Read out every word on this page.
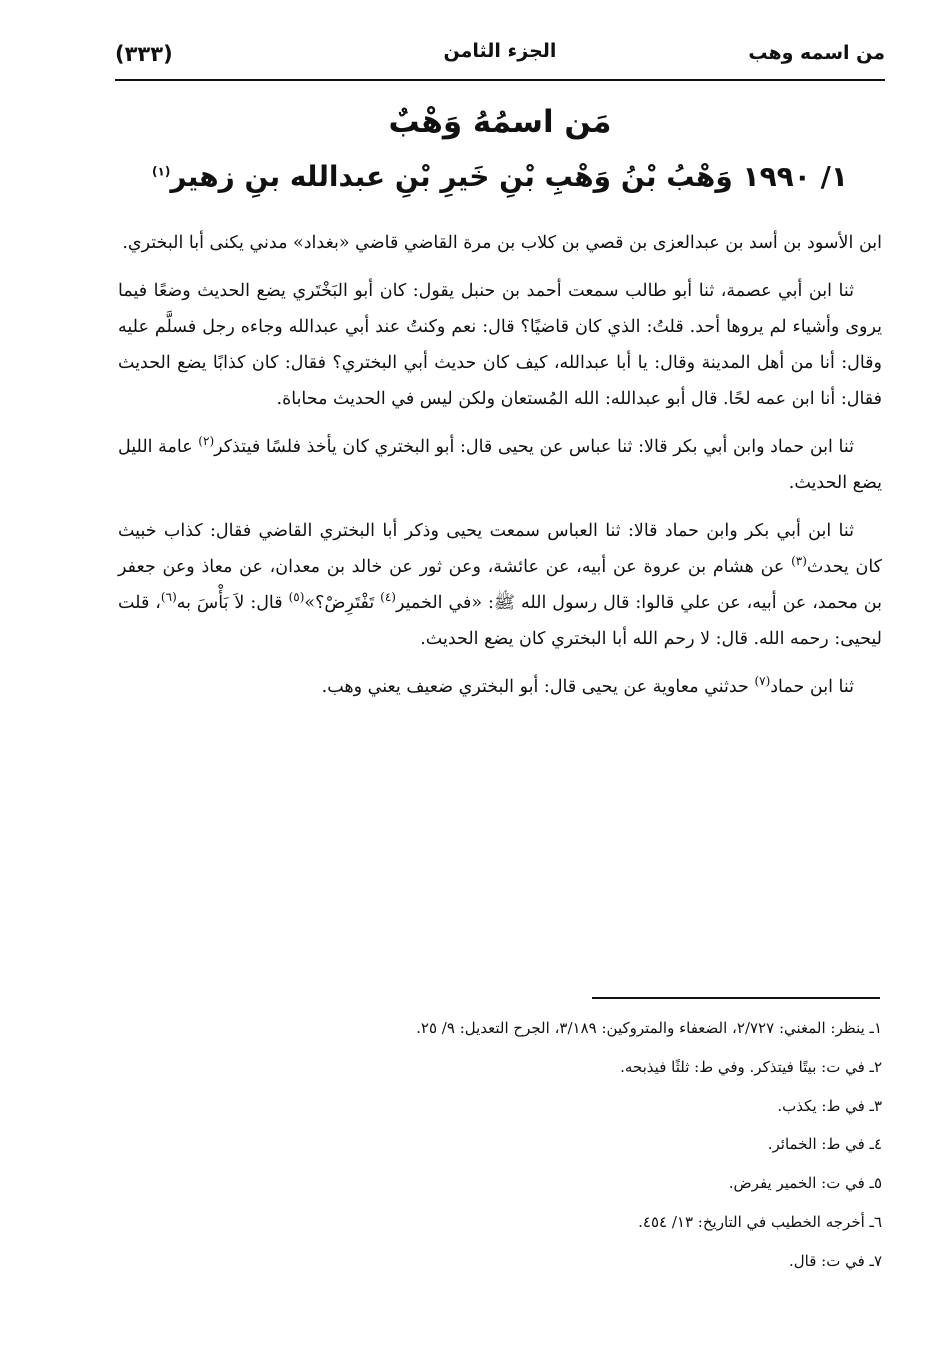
(٣٣٣)	الجزء الثامن	من اسمه وهب
مَن اسمُهُ وَهْبٌ
١/ ١٩٩٠ وَهْبُ بْنُ وَهْبِ بْنِ خَيرِ بْنِ عبدالله بنِ زهير$^{(١)}$

ابن الأسود بن أسد بن عبدالعزى بن قصي بن كلاب بن مرة القاضي قاضي «بغداد» مدني يكنى أبا البختري.

ثنا ابن أبي عصمة، ثنا أبو طالب سمعت أحمد بن حنبل يقول: كان أبو البَخْتَري يضع الحديث وضعًا فيما يروى وأشياء لم يروها أحد. قلتُ: الذي كان قاضيًا؟ قال: نعم وكنتُ عند أبي عبدالله وجاءه رجل فسلَّم عليه وقال: أنا من أهل المدينة وقال: يا أبا عبدالله، كيف كان حديث أبي البختري؟ فقال: كان كذابًا يضع الحديث فقال: أنا ابن عمه لحًا. قال أبو عبدالله: الله المُستعان ولكن ليس في الحديث محاباة.

ثنا ابن حماد وابن أبي بكر قالا: ثنا عباس عن يحيى قال: أبو البختري كان يأخذ فلسًا فيتذكر$^{(٢)}$ عامة الليل يضع الحديث.

ثنا ابن أبي بكر وابن حماد قالا: ثنا العباس سمعت يحيى وذكر أبا البختري القاضي فقال: كذاب خبيث كان يحدث$^{(٣)}$ عن هشام بن عروة عن أبيه، عن عائشة، وعن ثور عن خالد بن معدان، عن معاذ وعن جعفر بن محمد، عن أبيه، عن علي قالوا: قال رسول الله ﷺ: «في الخمير$^{(٤)}$ تَفْتَرِضْ؟»$^{(٥)}$ قال: لاَ بَأْسَ به$^{(٦)}$، قلت ليحيى: رحمه الله. قال: لا رحم الله أبا البختري كان يضع الحديث.

ثنا ابن حماد$^{(٧)}$ حدثني معاوية عن يحيى قال: أبو البختري ضعيف يعني وهب.

١ـ ينظر: المغني: ٢/٧٢٧، الضعفاء والمتروكين: ٣/١٨٩، الجرح التعديل: ٩/ ٢٥.
٢ـ في ت: بيتًا فيتذكر. وفي ط: ثلثًا فيذبحه.
٣ـ في ط: يكذب.
٤ـ في ط: الخمائر.
٥ـ في ت: الخمير يفرض.
٦ـ أخرجه الخطيب في التاريخ: ١٣/ ٤٥٤.
٧ـ في ت: قال.
